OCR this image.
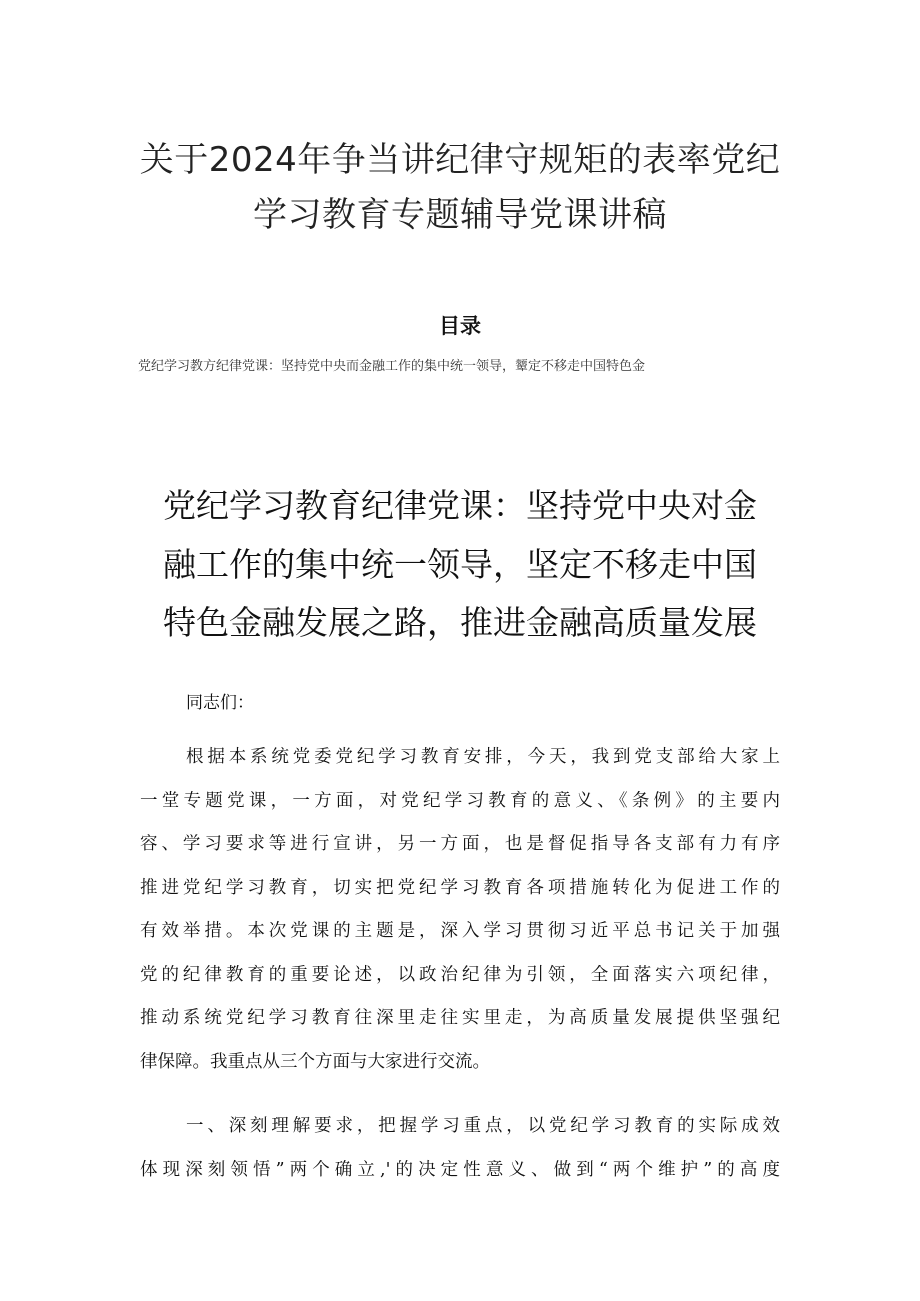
关于2024年争当讲纪律守规矩的表率党纪
学习教育专题辅导党课讲稿
目录
党纪学习教方纪律党课：坚持党中央而金融工作的集中统一领导，颦定不移走中国特色金
党纪学习教育纪律党课：坚持党中央对金
融工作的集中统一领导，坚定不移走中国
特色金融发展之路，推进金融高质量发展
同志们：
根据本系统党委党纪学习教育安排，今天，我到党支部给大家上
一堂专题党课，一方面，对党纪学习教育的意义、《条例》的主要内
容、学习要求等进行宣讲，另一方面，也是督促指导各支部有力有序
推进党纪学习教育，切实把党纪学习教育各项措施转化为促进工作的
有效举措。本次党课的主题是，深入学习贯彻习近平总书记关于加强
党的纪律教育的重要论述，以政治纪律为引领，全面落实六项纪律，
推动系统党纪学习教育往深里走往实里走，为高质量发展提供坚强纪
律保障。我重点从三个方面与大家进行交流。
一、深刻理解要求，把握学习重点，以党纪学习教育的实际成效
体现深刻领悟”两个确立,'的决定性意义、做到“两个维护”的高度
